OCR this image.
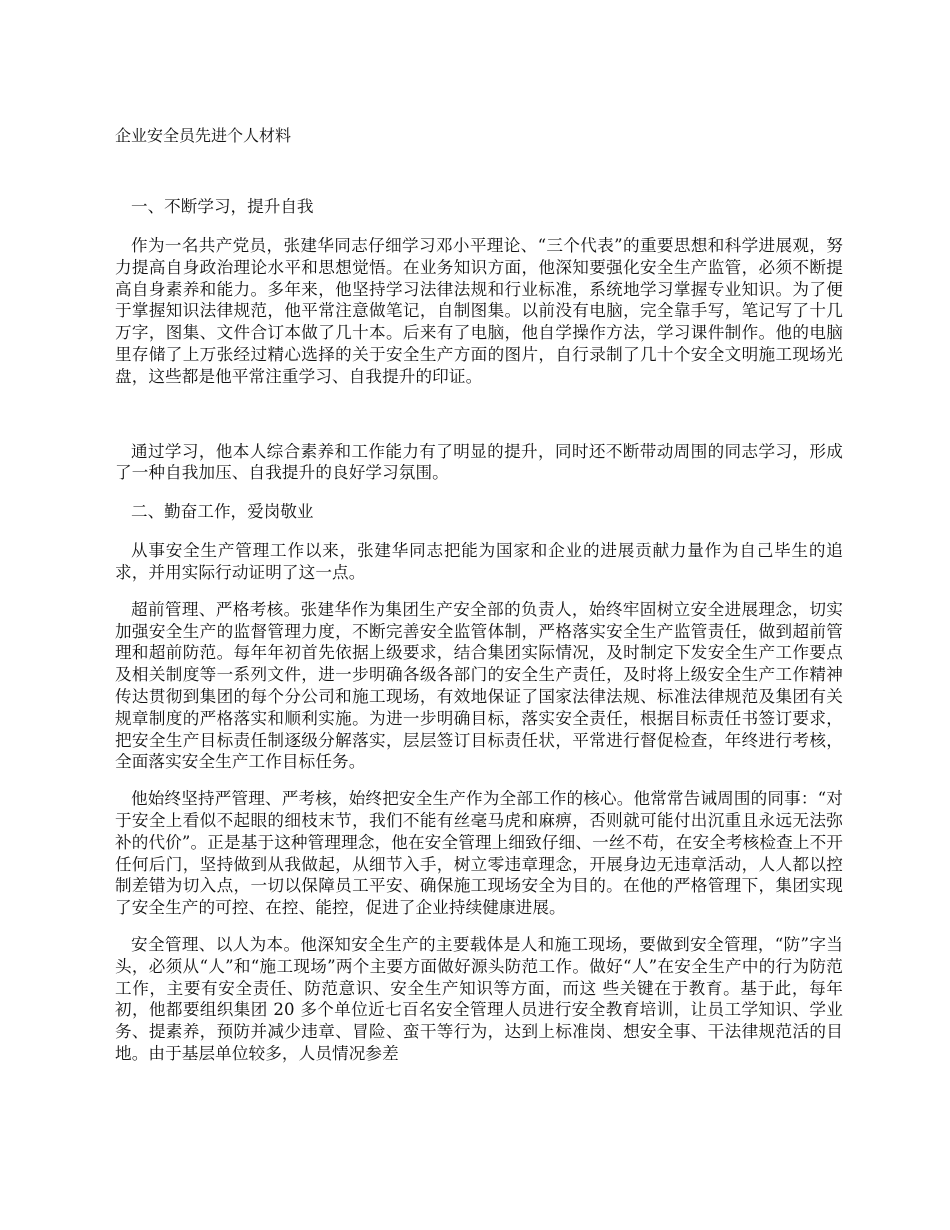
企业安全员先进个人材料
一、不断学习，提升自我

作为一名共产党员，张建华同志仔细学习邓小平理论、“三个代表”的重要思想和科学进展观，努力提高自身政治理论水平和思想觉悟。在业务知识方面，他深知要强化安全生产监管，必须不断提高自身素养和能力。多年来，他坚持学习法律法规和行业标准，系统地学习掌握专业知识。为了便于掌握知识法律规范，他平常注意做笔记，自制图集。以前没有电脑，完全靠手写，笔记写了十几万字，图集、文件合订本做了几十本。后来有了电脑，他自学操作方法，学习课件制作。他的电脑里存储了上万张经过精心选择的关于安全生产方面的图片，自行录制了几十个安全文明施工现场光盘，这些都是他平常注重学习、自我提升的印证。

通过学习，他本人综合素养和工作能力有了明显的提升，同时还不断带动周围的同志学习，形成了一种自我加压、自我提升的良好学习氛围。

二、勤奋工作，爱岗敬业

从事安全生产管理工作以来，张建华同志把能为国家和企业的进展贡献力量作为自己毕生的追求，并用实际行动证明了这一点。

超前管理、严格考核。张建华作为集团生产安全部的负责人，始终牢固树立安全进展理念，切实加强安全生产的监督管理力度，不断完善安全监管体制，严格落实安全生产监管责任，做到超前管理和超前防范。每年年初首先依据上级要求，结合集团实际情况，及时制定下发安全生产工作要点及相关制度等一系列文件，进一步明确各级各部门的安全生产责任，及时将上级安全生产工作精神传达贯彻到集团的每个分公司和施工现场，有效地保证了国家法律法规、标准法律规范及集团有关规章制度的严格落实和顺利实施。为进一步明确目标，落实安全责任，根据目标责任书签订要求，把安全生产目标责任制逐级分解落实，层层签订目标责任状，平常进行督促检查，年终进行考核，全面落实安全生产工作目标任务。

他始终坚持严管理、严考核，始终把安全生产作为全部工作的核心。他常常告诫周围的同事：“对于安全上看似不起眼的细枝末节，我们不能有丝毫马虎和麻痹，否则就可能付出沉重且永远无法弥补的代价”。正是基于这种管理理念，他在安全管理上细致仔细、一丝不苟，在安全考核检查上不开任何后门，坚持做到从我做起，从细节入手，树立零违章理念，开展身边无违章活动，人人都以控制差错为切入点，一切以保障员工平安、确保施工现场安全为目的。在他的严格管理下，集团实现了安全生产的可控、在控、能控，促进了企业持续健康进展。

安全管理、以人为本。他深知安全生产的主要载体是人和施工现场，要做到安全管理，“防”字当头，必须从“人”和“施工现场”两个主要方面做好源头防范工作。做好“人”在安全生产中的行为防范工作，主要有安全责任、防范意识、安全生产知识等方面，而这 些关键在于教育。基于此，每年初，他都要组织集团 20 多个单位近七百名安全管理人员进行安全教育培训，让员工学知识、学业务、提素养，预防并减少违章、冒险、蛮干等行为，达到上标准岗、想安全事、干法律规范活的目地。由于基层单位较多，人员情况参差
